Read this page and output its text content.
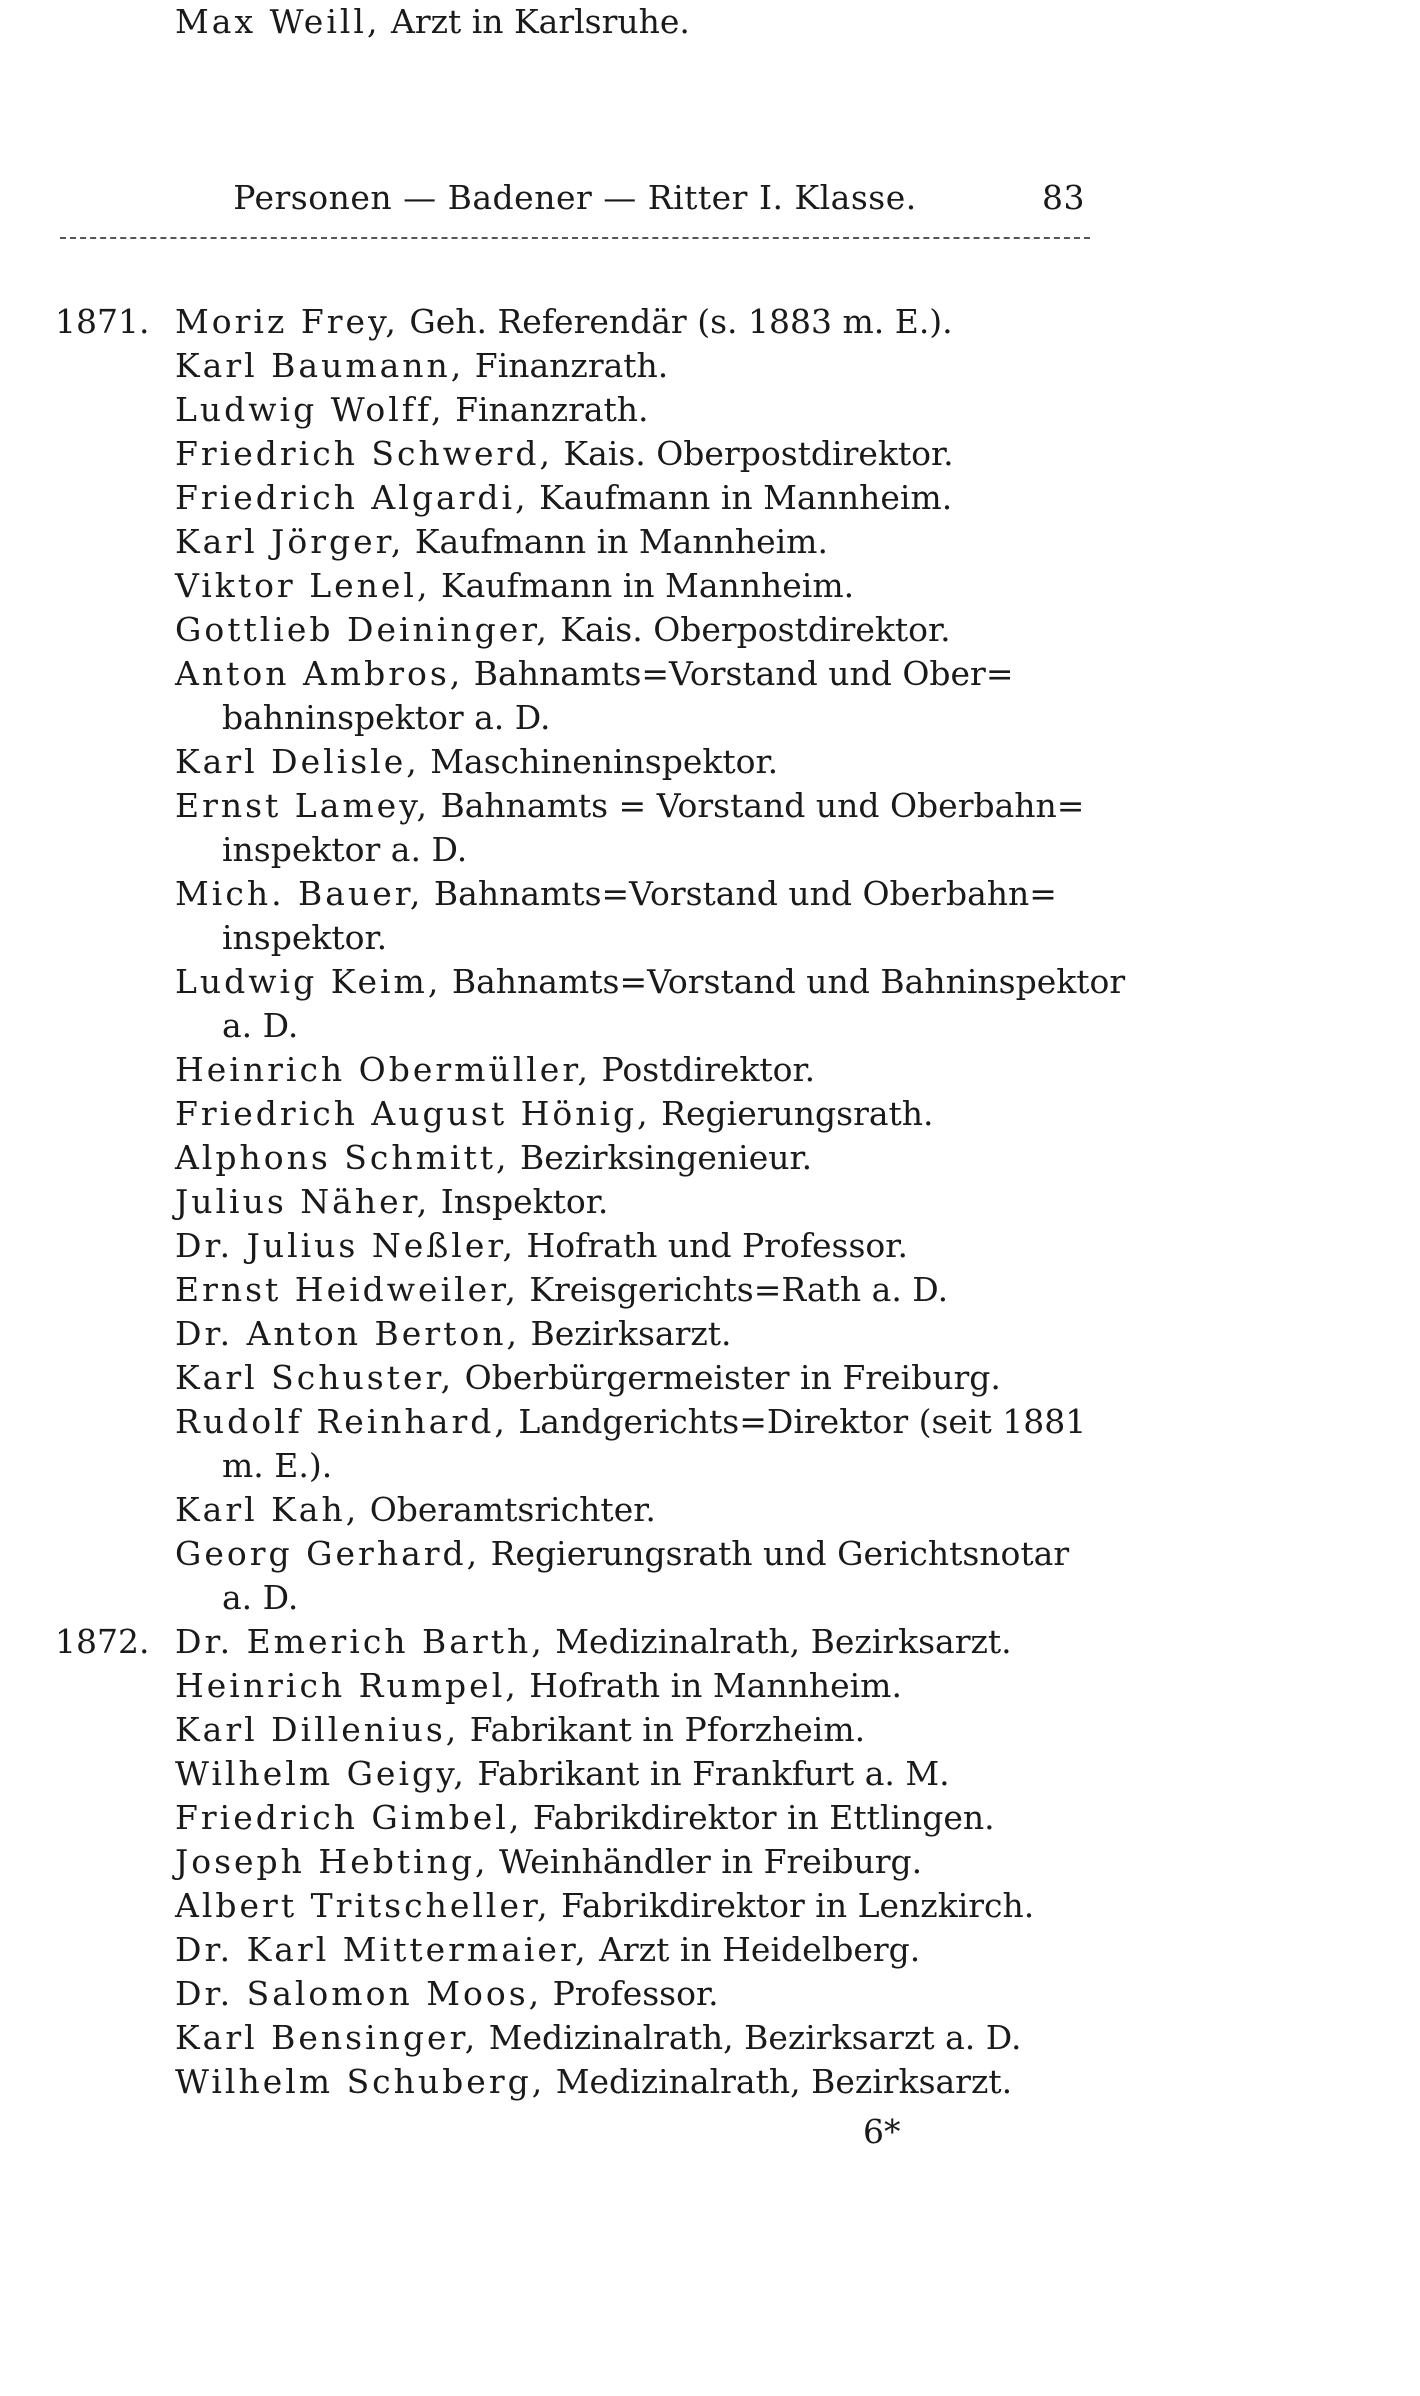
Personen — Badener — Ritter I. Klasse.	83
1871. Moriz Frey, Geh. Referendär (s. 1883 m. E.).
Karl Baumann, Finanzrath.
Ludwig Wolff, Finanzrath.
Friedrich Schwerd, Kais. Oberpostdirektor.
Friedrich Algardi, Kaufmann in Mannheim.
Karl Jörger, Kaufmann in Mannheim.
Viktor Lenel, Kaufmann in Mannheim.
Gottlieb Deininger, Kais. Oberpostdirektor.
Anton Ambros, Bahnamts=Vorstand und Ober=
bahninspektor a. D.
Karl Delisle, Maschineninspektor.
Ernst Lamey, Bahnamts = Vorstand und Oberbahn=
inspektor a. D.
Mich. Bauer, Bahnamts=Vorstand und Oberbahn=
inspektor.
Ludwig Keim, Bahnamts=Vorstand und Bahninspektor
a. D.
Heinrich Obermüller, Postdirektor.
Friedrich August Hönig, Regierungsrath.
Alphons Schmitt, Bezirksingenieur.
Julius Näher, Inspektor.
Dr. Julius Neßler, Hofrath und Professor.
Ernst Heidweiler, Kreisgerichts=Rath a. D.
Dr. Anton Berton, Bezirksarzt.
Karl Schuster, Oberbürgermeister in Freiburg.
Rudolf Reinhard, Landgerichts=Direktor (seit 1881
m. E.).
Karl Kah, Oberamtsrichter.
Georg Gerhard, Regierungsrath und Gerichtsnotar
a. D.
1872. Dr. Emerich Barth, Medizinalrath, Bezirksarzt.
Heinrich Rumpel, Hofrath in Mannheim.
Karl Dillenius, Fabrikant in Pforzheim.
Wilhelm Geigy, Fabrikant in Frankfurt a. M.
Friedrich Gimbel, Fabrikdirektor in Ettlingen.
Joseph Hebting, Weinhändler in Freiburg.
Albert Tritscheller, Fabrikdirektor in Lenzkirch.
Dr. Karl Mittermaier, Arzt in Heidelberg.
Dr. Salomon Moos, Professor.
Karl Bensinger, Medizinalrath, Bezirksarzt a. D.
Wilhelm Schuberg, Medizinalrath, Bezirksarzt.
Max Weill, Arzt in Karlsruhe.
6*
